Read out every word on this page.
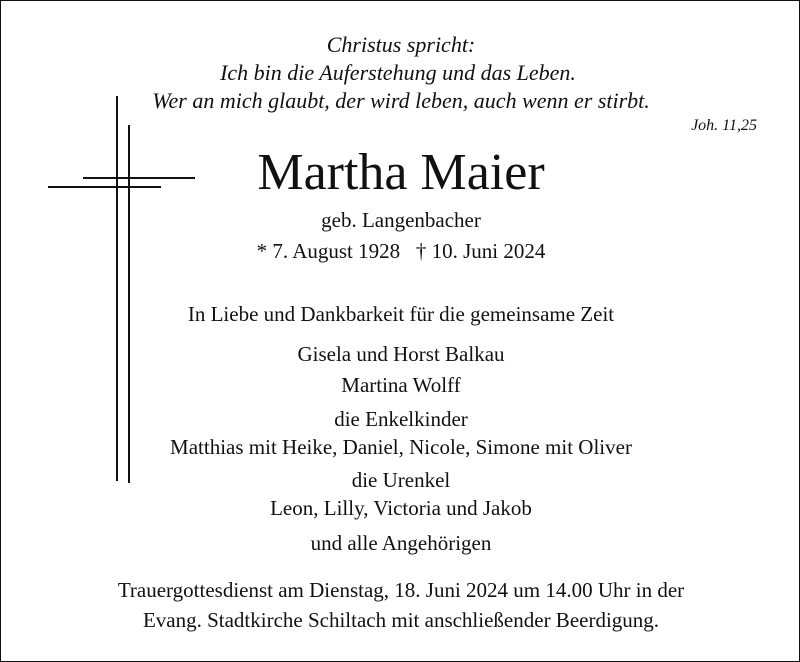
Christus spricht:
Ich bin die Auferstehung und das Leben.
Wer an mich glaubt, der wird leben, auch wenn er stirbt.
Joh. 11,25
Martha Maier
geb. Langenbacher
* 7. August 1928   † 10. Juni 2024
In Liebe und Dankbarkeit für die gemeinsame Zeit
Gisela und Horst Balkau
Martina Wolff
die Enkelkinder
Matthias mit Heike, Daniel, Nicole, Simone mit Oliver
die Urenkel
Leon, Lilly, Victoria und Jakob
und alle Angehörigen
Trauergottesdienst am Dienstag, 18. Juni 2024 um 14.00 Uhr in der
Evang. Stadtkirche Schiltach mit anschließender Beerdigung.
